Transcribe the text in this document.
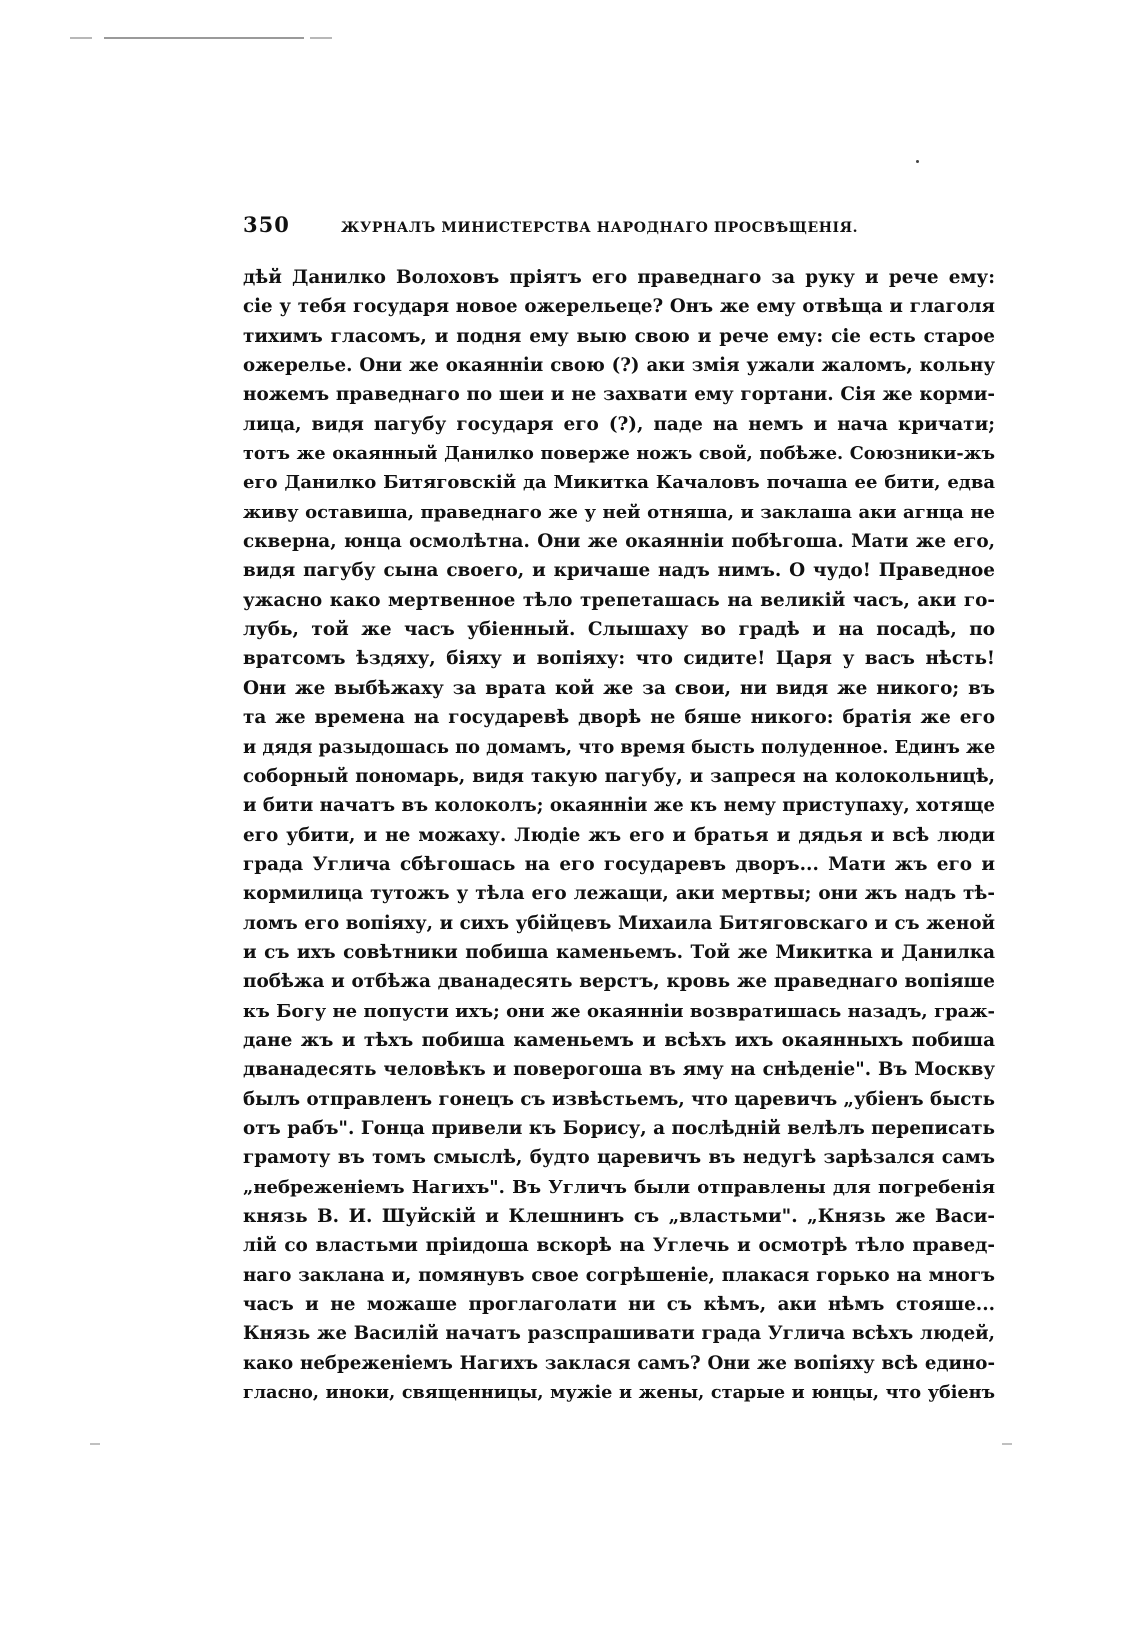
350	ЖУРНАЛЪ МИНИСТЕРСТВА НАРОДНАГО ПРОСВѢЩЕНІЯ.
дѣй Данилко Волоховъ пріятъ его праведнаго за руку и рече ему:
сіе у тебя государя новое ожерельеце? Онъ же ему отвѣща и глаголя
тихимъ гласомъ, и подня ему выю свою и рече ему: сіе есть старое
ожерелье. Они же окаянніи свою (?) аки змія ужали жаломъ, кольну
ножемъ праведнаго по шеи и не захвати ему гортани. Сія же корми-
лица, видя пагубу государя его (?), паде на немъ и нача кричати;
тотъ же окаянный Данилко поверже ножъ свой, побѣже. Союзники-жъ
его Данилко Битяговскій да Микитка Качаловъ почаша ее бити, едва
живу оставиша, праведнаго же у ней отняша, и заклаша аки агнца не
скверна, юнца осмолѣтна. Они же окаянніи побѣгоша. Мати же его,
видя пагубу сына своего, и кричаше надъ нимъ. О чудо! Праведное
ужасно како мертвенное тѣло трепеташась на великій часъ, аки го-
лубь, той же часъ убіенный. Слышаху во градѣ и на посадѣ, по
вратсомъ ѣздяху, біяху и вопіяху: что сидите! Царя у васъ нѣсть!
Они же выбѣжаху за врата кой же за свои, ни видя же никого; въ
та же времена на государевѣ дворѣ не бяше никого: братія же его
и дядя разыдошась по домамъ, что время бысть полуденное. Единъ же
соборный пономарь, видя такую пагубу, и запреся на колокольницѣ,
и бити начатъ въ колоколъ; окаянніи же къ нему приступаху, хотяще
его убити, и не можаху. Людіе жъ его и братья и дядья и всѣ люди
града Углича сбѣгошась на его государевъ дворъ... Мати жъ его и
кормилица тутожъ у тѣла его лежащи, аки мертвы; они жъ надъ тѣ-
ломъ его вопіяху, и сихъ убійцевъ Михаила Битяговскаго и съ женой
и съ ихъ совѣтники побиша каменьемъ. Той же Микитка и Данилка
побѣжа и отбѣжа дванадесять верстъ, кровь же праведнаго вопіяше
къ Богу не попусти ихъ; они же окаянніи возвратишась назадъ, граж-
дане жъ и тѣхъ побиша каменьемъ и всѣхъ ихъ окаянныхъ побиша
дванадесять человѣкъ и поверогоша въ яму на снѣденіе". Въ Москву
былъ отправленъ гонецъ съ извѣстьемъ, что царевичъ „убіенъ бысть
отъ рабъ". Гонца привели къ Борису, а послѣдній велѣлъ переписать
грамоту въ томъ смыслѣ, будто царевичъ въ недугѣ зарѣзался самъ
„небреженіемъ Нагихъ". Въ Угличъ были отправлены для погребенія
князь В. И. Шуйскій и Клешнинъ съ „властьми". „Князь же Васи-
лій со властьми пріидоша вскорѣ на Углечь и осмотрѣ тѣло правед-
наго заклана и, помянувъ свое согрѣшеніе, плакася горько на многъ
часъ и не можаше проглаголати ни съ кѣмъ, аки нѣмъ стояше...
Князь же Василій начатъ разспрашивати града Углича всѣхъ людей,
како небреженіемъ Нагихъ заклася самъ? Они же вопіяху всѣ едино-
гласно, иноки, священницы, мужіе и жены, старые и юнцы, что убіенъ
